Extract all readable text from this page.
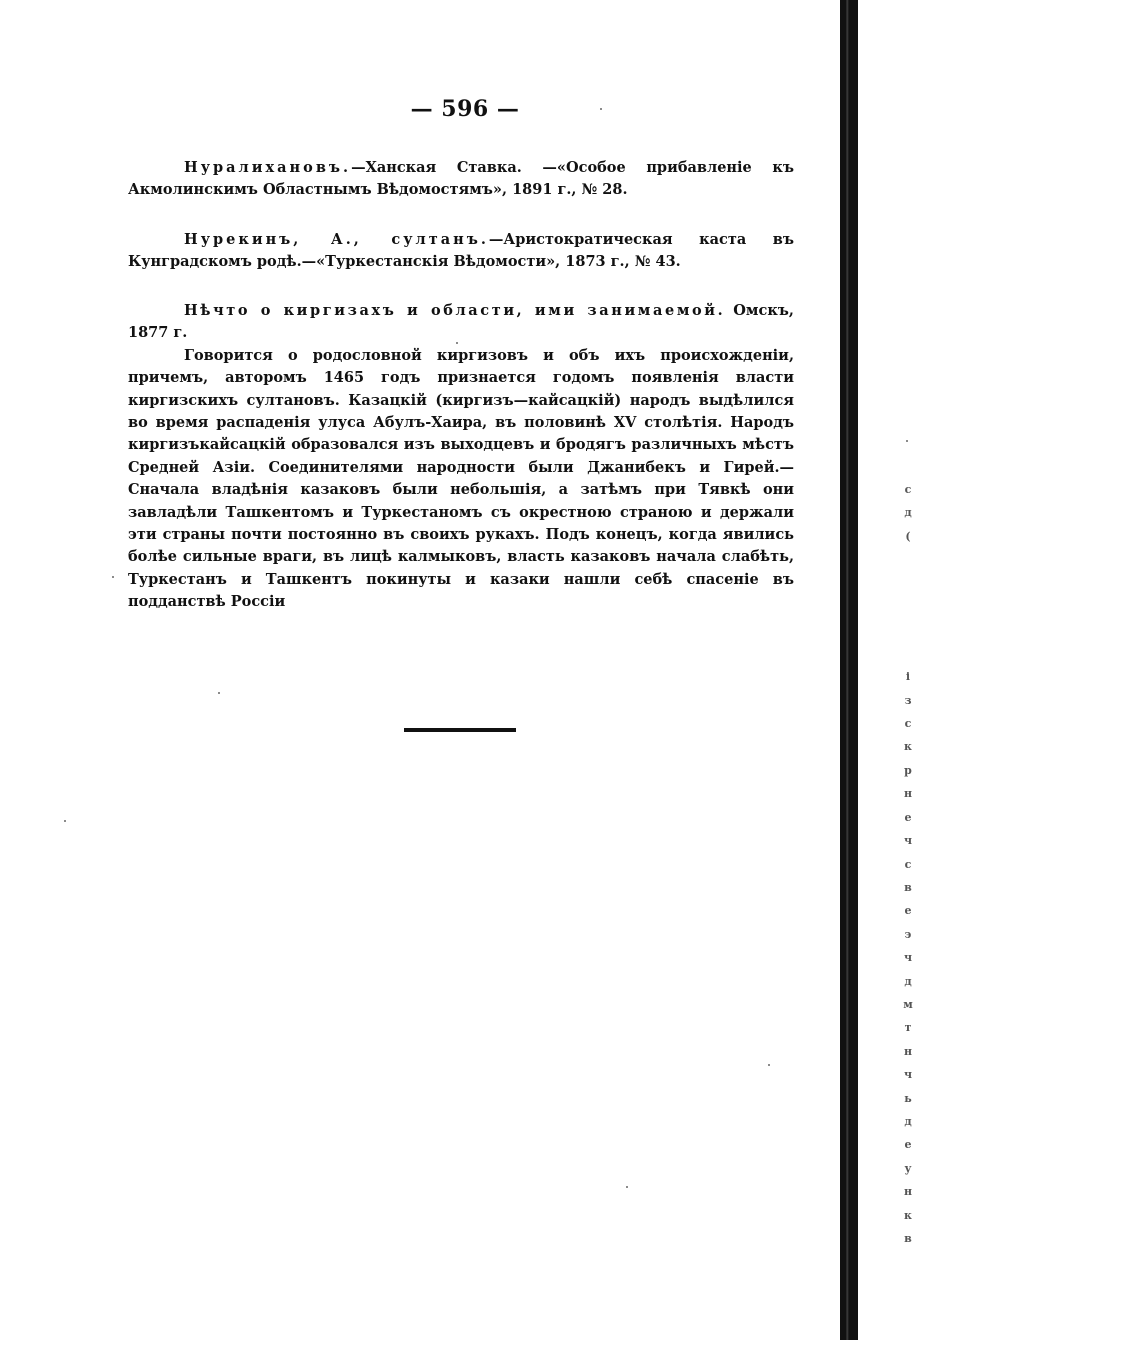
— 596 —

Нуралихановъ.—Ханская Ставка. —«Особое прибавленіе къ Акмолинскимъ Областнымъ Вѣдомостямъ», 1891 г., № 28.

Нурекинъ, А., султанъ.—Аристократическая каста въ Кунградскомъ родѣ.—«Туркестанскія Вѣдомости», 1873 г., № 43.

Нѣчто о киргизахъ и области, ими занимаемой. Омскъ, 1877 г.

Говорится о родословной киргизовъ и объ ихъ происхожденіи, причемъ, авторомъ 1465 годъ признается годомъ появленія власти киргизскихъ султановъ. Казацкій (киргизъ—кайсацкій) народъ выдѣлился во время распаденія улуса Абулъ-Хаира, въ половинѣ XV столѣтія. Народъ киргизъкайсацкій образовался изъ выходцевъ и бродягъ различныхъ мѣстъ Средней Азіи. Соединителями народности были Джанибекъ и Гирей.—Сначала владѣнія казаковъ были небольшія, а затѣмъ при Тявкѣ они завладѣли Ташкентомъ и Туркестаномъ съ окрестною страною и держали эти страны почти постоянно въ своихъ рукахъ. Подъ конецъ, когда явились болѣе сильные враги, въ лицѣ калмыковъ, власть казаковъ начала слабѣть, Туркестанъ и Ташкентъ покинуты и казаки нашли себѣ спасеніе въ подданствѣ Россіи

с
д
(

і
з
с
к
р
н
е
ч
с
в
е
э
ч
д
м
т
н
ч
ь
д
е
у
н
к
в
